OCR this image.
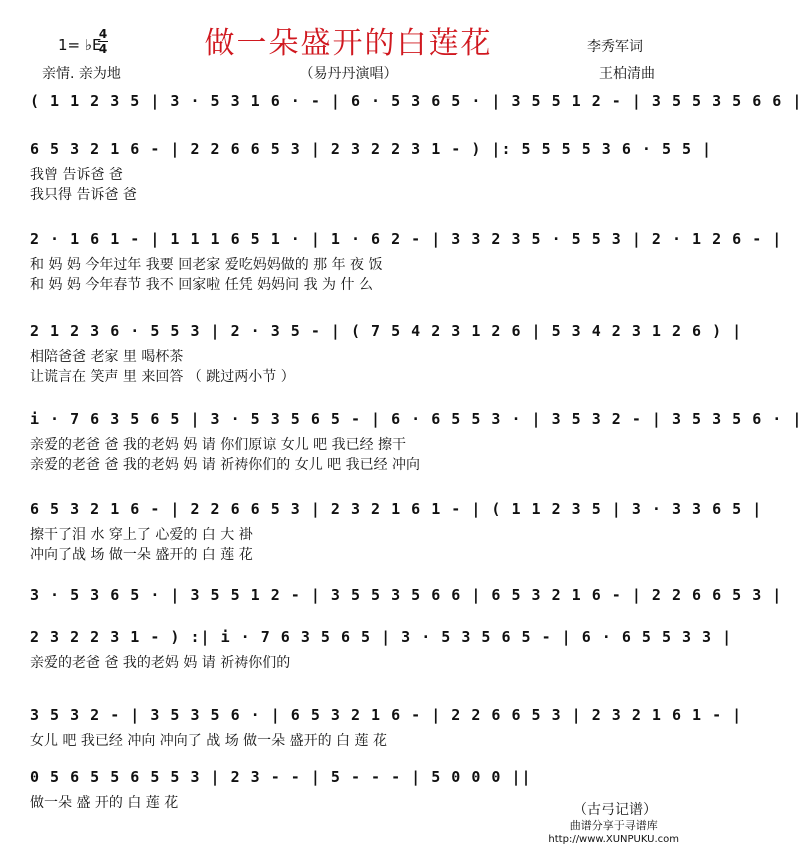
做一朵盛开的白莲花
1= ♭E
4
4
亲情. 亲为地	（易丹丹演唱）
李秀军词
王柏清曲
( 1 1 2 3 5 | 3 · 5 3 1 6 · - | 6 · 5 3 6 5 · | 3 5 5 1 2 - | 3 5 5 3 5 6 6 |
6 5 3 2 1 6 - | 2 2 6 6 5 3 | 2 3 2 2 3 1 - ) |: 5 5 5 5 3 6 · 5 5 |
我曾 告诉爸 爸
我只得 告诉爸 爸
2 · 1 6 1 - | 1 1 1 6 5 1 · | 1 · 6 2 - | 3 3 2 3 5 · 5 5 3 | 2 · 1 2 6 - |
和 妈 妈 今年过年 我要 回老家 爱吃妈妈做的 那 年 夜 饭
和 妈 妈 今年春节 我不 回家啦 任凭 妈妈问 我 为 什 么
2 1 2 3 6 · 5 5 3 | 2 · 3 5 - | ( 7 5 4 2 3 1 2 6 | 5 3 4 2 3 1 2 6 ) |
相陪爸爸 老家 里 喝杯茶
让谎言在 笑声 里 来回答 （ 跳过两小节 ）
i · 7 6 3 5 6 5 | 3 · 5 3 5 6 5 - | 6 · 6 5 5 3 · | 3 5 3 2 - | 3 5 3 5 6 · |
亲爱的老爸 爸 我的老妈 妈 请 你们原谅 女儿 吧 我已经 擦干
亲爱的老爸 爸 我的老妈 妈 请 祈祷你们的 女儿 吧 我已经 冲向
6 5 3 2 1 6 - | 2 2 6 6 5 3 | 2 3 2 1 6 1 - | ( 1 1 2 3 5 | 3 · 3 3 6 5 |
擦干了泪 水 穿上了 心爱的 白 大 褂
冲向了战 场 做一朵 盛开的 白 莲 花
3 · 5 3 6 5 · | 3 5 5 1 2 - | 3 5 5 3 5 6 6 | 6 5 3 2 1 6 - | 2 2 6 6 5 3 |
2 3 2 2 3 1 - ) :| i · 7 6 3 5 6 5 | 3 · 5 3 5 6 5 - | 6 · 6 5 5 3 3 |
亲爱的老爸 爸 我的老妈 妈 请 祈祷你们的
3 5 3 2 - | 3 5 3 5 6 · | 6 5 3 2 1 6 - | 2 2 6 6 5 3 | 2 3 2 1 6 1 - |
女儿 吧 我已经 冲向 冲向了 战 场 做一朵 盛开的 白 莲 花
0 5 6 5 5 6 5 5 3 | 2 3 - - | 5 - - - | 5 0 0 0 ||
做一朵 盛 开的 白 莲 花	（古弓记谱）
曲谱分享于寻谱库
http://www.XUNPUKU.com
